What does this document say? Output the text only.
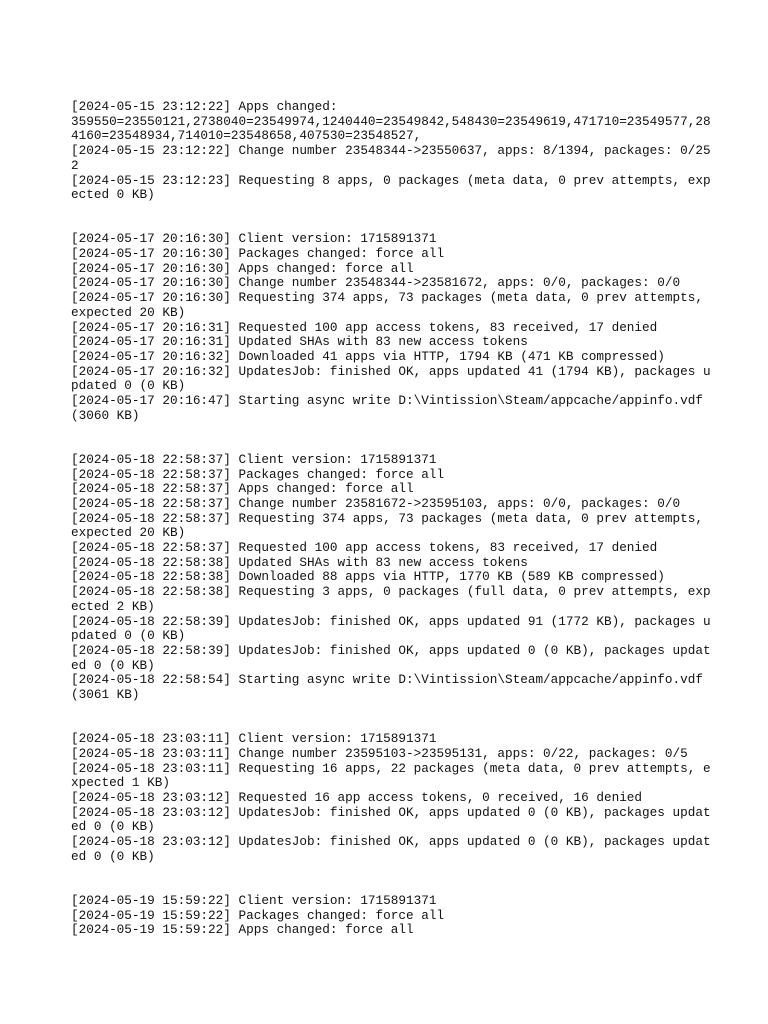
[2024-05-15 23:12:22] Apps changed:
359550=23550121,2738040=23549974,1240440=23549842,548430=23549619,471710=23549577,284160=23548934,714010=23548658,407530=23548527,
[2024-05-15 23:12:22] Change number 23548344->23550637, apps: 8/1394, packages: 0/252
[2024-05-15 23:12:23] Requesting 8 apps, 0 packages (meta data, 0 prev attempts, expected 0 KB)
[2024-05-17 20:16:30] Client version: 1715891371
[2024-05-17 20:16:30] Packages changed: force all
[2024-05-17 20:16:30] Apps changed: force all
[2024-05-17 20:16:30] Change number 23548344->23581672, apps: 0/0, packages: 0/0
[2024-05-17 20:16:30] Requesting 374 apps, 73 packages (meta data, 0 prev attempts, expected 20 KB)
[2024-05-17 20:16:31] Requested 100 app access tokens, 83 received, 17 denied
[2024-05-17 20:16:31] Updated SHAs with 83 new access tokens
[2024-05-17 20:16:32] Downloaded 41 apps via HTTP, 1794 KB (471 KB compressed)
[2024-05-17 20:16:32] UpdatesJob: finished OK, apps updated 41 (1794 KB), packages updated 0 (0 KB)
[2024-05-17 20:16:47] Starting async write D:\Vintission\Steam/appcache/appinfo.vdf (3060 KB)
[2024-05-18 22:58:37] Client version: 1715891371
[2024-05-18 22:58:37] Packages changed: force all
[2024-05-18 22:58:37] Apps changed: force all
[2024-05-18 22:58:37] Change number 23581672->23595103, apps: 0/0, packages: 0/0
[2024-05-18 22:58:37] Requesting 374 apps, 73 packages (meta data, 0 prev attempts, expected 20 KB)
[2024-05-18 22:58:37] Requested 100 app access tokens, 83 received, 17 denied
[2024-05-18 22:58:38] Updated SHAs with 83 new access tokens
[2024-05-18 22:58:38] Downloaded 88 apps via HTTP, 1770 KB (589 KB compressed)
[2024-05-18 22:58:38] Requesting 3 apps, 0 packages (full data, 0 prev attempts, expected 2 KB)
[2024-05-18 22:58:39] UpdatesJob: finished OK, apps updated 91 (1772 KB), packages updated 0 (0 KB)
[2024-05-18 22:58:39] UpdatesJob: finished OK, apps updated 0 (0 KB), packages updated 0 (0 KB)
[2024-05-18 22:58:54] Starting async write D:\Vintission\Steam/appcache/appinfo.vdf (3061 KB)
[2024-05-18 23:03:11] Client version: 1715891371
[2024-05-18 23:03:11] Change number 23595103->23595131, apps: 0/22, packages: 0/5
[2024-05-18 23:03:11] Requesting 16 apps, 22 packages (meta data, 0 prev attempts, expected 1 KB)
[2024-05-18 23:03:12] Requested 16 app access tokens, 0 received, 16 denied
[2024-05-18 23:03:12] UpdatesJob: finished OK, apps updated 0 (0 KB), packages updated 0 (0 KB)
[2024-05-18 23:03:12] UpdatesJob: finished OK, apps updated 0 (0 KB), packages updated 0 (0 KB)
[2024-05-19 15:59:22] Client version: 1715891371
[2024-05-19 15:59:22] Packages changed: force all
[2024-05-19 15:59:22] Apps changed: force all
